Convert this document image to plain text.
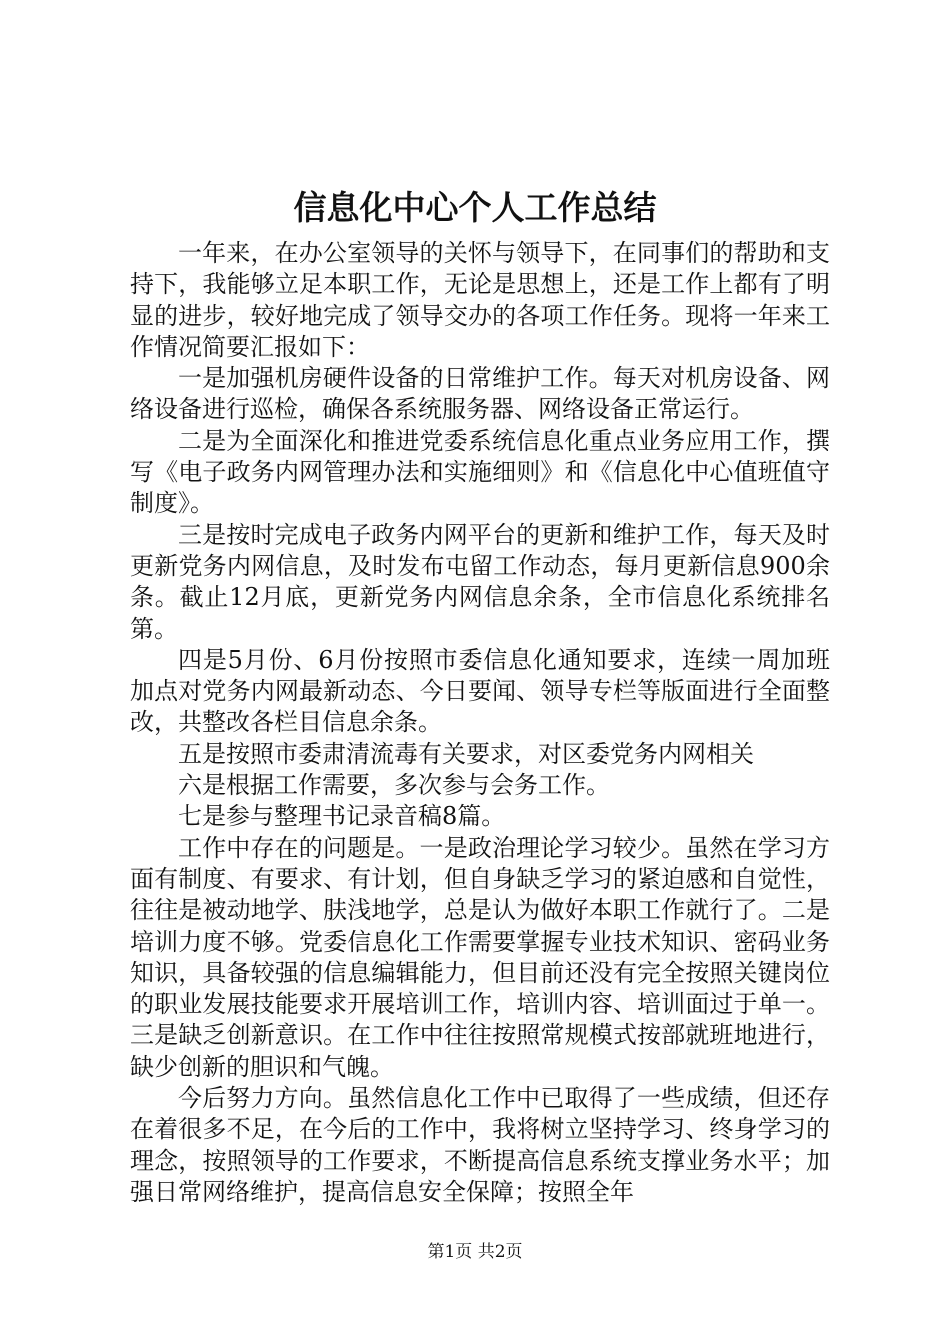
信息化中心个人工作总结

一年来，在办公室领导的关怀与领导下，在同事们的帮助和支持下，我能够立足本职工作，无论是思想上，还是工作上都有了明显的进步，较好地完成了领导交办的各项工作任务。现将一年来工作情况简要汇报如下：

一是加强机房硬件设备的日常维护工作。每天对机房设备、网络设备进行巡检，确保各系统服务器、网络设备正常运行。

二是为全面深化和推进党委系统信息化重点业务应用工作，撰写《电子政务内网管理办法和实施细则》和《信息化中心值班值守制度》。

三是按时完成电子政务内网平台的更新和维护工作，每天及时更新党务内网信息，及时发布屯留工作动态，每月更新信息900余条。截止12月底，更新党务内网信息余条，全市信息化系统排名第。

四是5月份、6月份按照市委信息化通知要求，连续一周加班加点对党务内网最新动态、今日要闻、领导专栏等版面进行全面整改，共整改各栏目信息余条。

五是按照市委肃清流毒有关要求，对区委党务内网相关

六是根据工作需要，多次参与会务工作。

七是参与整理书记录音稿8篇。

工作中存在的问题是。一是政治理论学习较少。虽然在学习方面有制度、有要求、有计划，但自身缺乏学习的紧迫感和自觉性，往往是被动地学、肤浅地学，总是认为做好本职工作就行了。二是培训力度不够。党委信息化工作需要掌握专业技术知识、密码业务知识，具备较强的信息编辑能力，但目前还没有完全按照关键岗位的职业发展技能要求开展培训工作，培训内容、培训面过于单一。三是缺乏创新意识。在工作中往往按照常规模式按部就班地进行，缺少创新的胆识和气魄。

今后努力方向。虽然信息化工作中已取得了一些成绩，但还存在着很多不足，在今后的工作中，我将树立坚持学习、终身学习的理念，按照领导的工作要求，不断提高信息系统支撑业务水平；加强日常网络维护，提高信息安全保障；按照全年

第1页 共2页
